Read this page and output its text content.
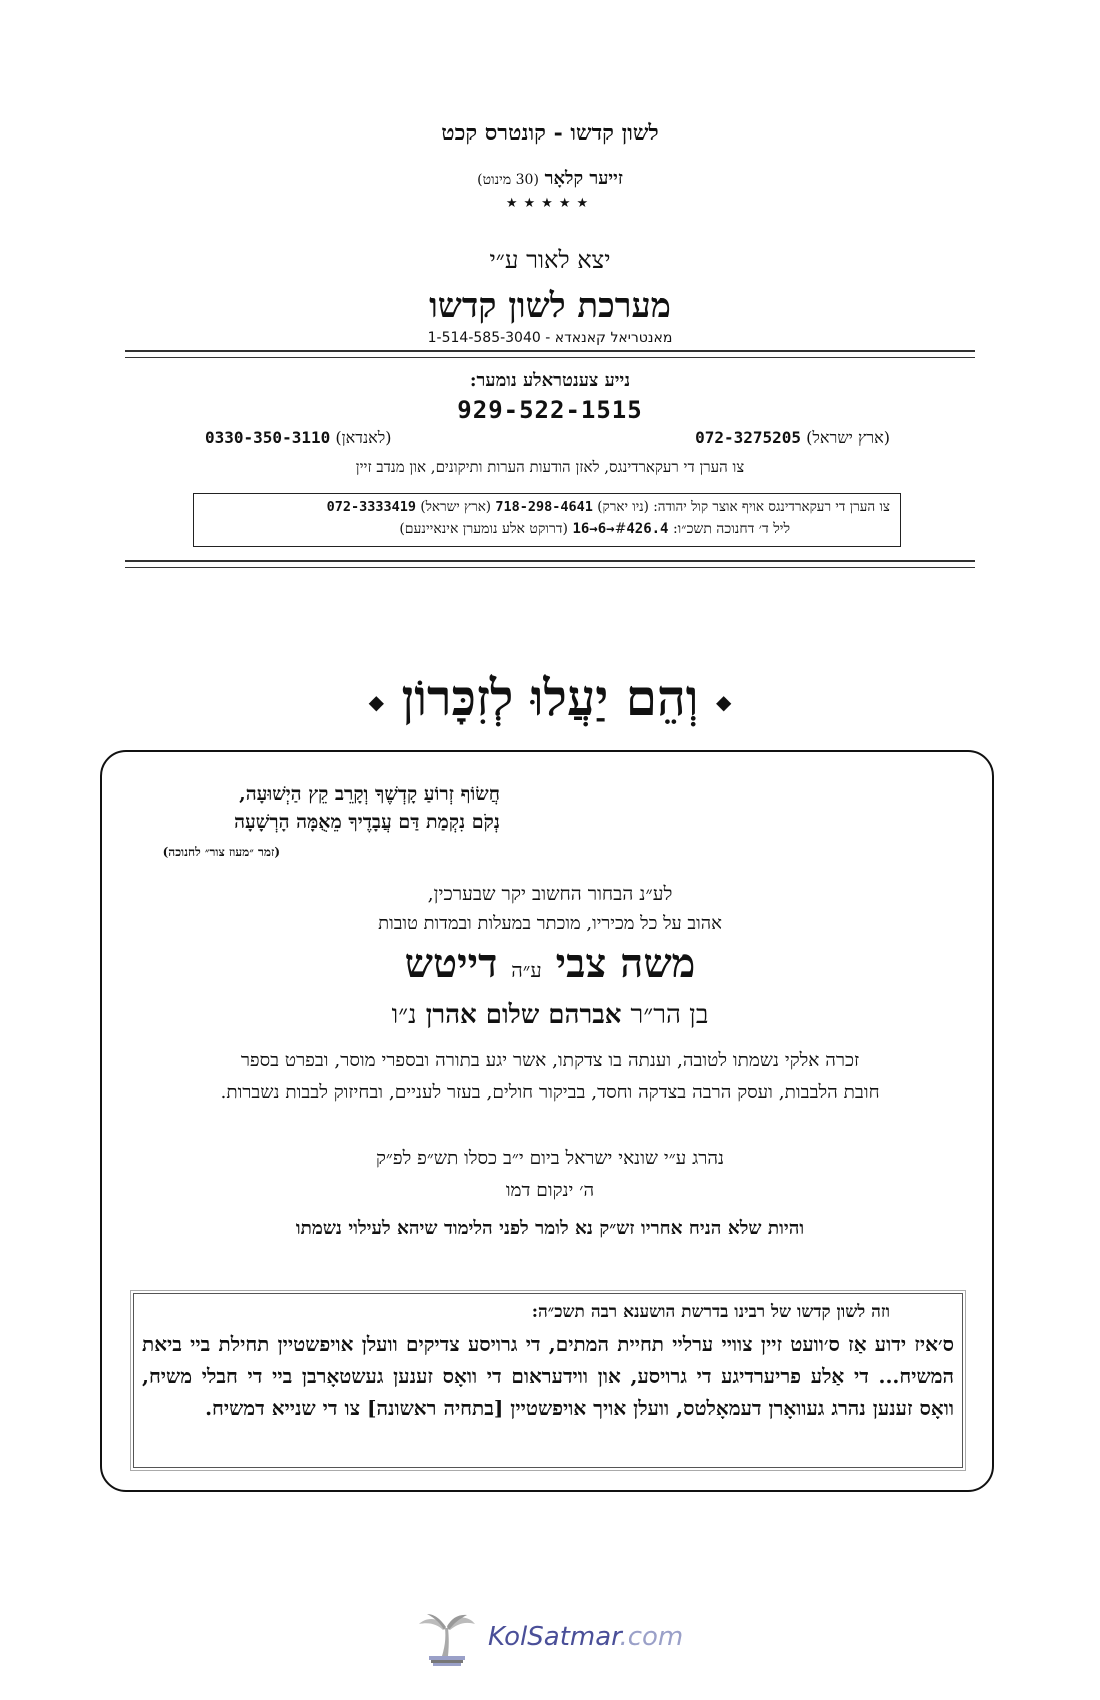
לשון קדשו - קונטרס קכט
זייער קלאָר (30 מינוט)
★★★★★
יצא לאור ע״י
מערכת לשון קדשו
מאנטריאל קאנאדא - 1-514-585-3040
נייע צענטראלע נומער:
929-522-1515
(ארץ ישראל) 072-3275205
(לאנדאן) 0330-350-3110
צו הערן די רעקארדינגס, לאזן הודעות הערות ותיקונים, און מנדב זיין
צו הערן די רעקארדינגס אויף אוצר קול יהודה: (ניו יארק) 718-298-4641 (ארץ ישראל) 072-3333419
ליל ד׳ דחנוכה תשכ״ו: #426.4→6→16 (דרוקט אלע נומערן אינאיינעם)
◆ וְהֵם יַעֲלוּ לְזִכָּרוֹן ◆
חֲשׂוֹף זְרוֹעַ קָדְשֶׁךָ וְקָרֵב קֵץ הַיְשׁוּעָה,
נְקֹם נִקְמַת דַּם עֲבָדֶיךָ מֵאֻמָּה הָרְשָׁעָה
(זמר ״מעוז צור״ לחנוכה)
לע״נ הבחור החשוב יקר שבערכין,
אהוב על כל מכיריו, מוכתר במעלות ובמדות טובות
משה צבי ע״ה דייטש
בן הר״ר אברהם שלום אהרן נ״ו
זכרה אלקי נשמתו לטובה, וענתה בו צדקתו, אשר יגע בתורה ובספרי מוסר, ובפרט בספר חובת הלבבות, ועסק הרבה בצדקה וחסד, בביקור חולים, בעזר לעניים, ובחיזוק לבבות נשברות.
נהרג ע״י שונאי ישראל ביום י״ב כסלו תש״פ לפ״ק
ה׳ ינקום דמו
והיות שלא הניח אחריו זש״ק נא לומר לפני הלימוד שיהא לעילוי נשמתו
וזה לשון קדשו של רבינו בדרשת הושענא רבה תשכ״ה:
ס׳איז ידוע אַז ס׳וועט זיין צוויי ערליי תחיית המתים, די גרויסע צדיקים וועלן אויפשטיין תחילת ביי ביאת המשיח... די אַלע פריערדיגע די גרויסע, און ווידעראום די וואָס זענען געשטאָרבן ביי די חבלי משיח, וואָס זענען נהרג געוואָרן דעמאָלטס, וועלן אויך אויפשטיין [בתחיה ראשונה] צו די שנייא דמשיח.
KolSatmar.com
